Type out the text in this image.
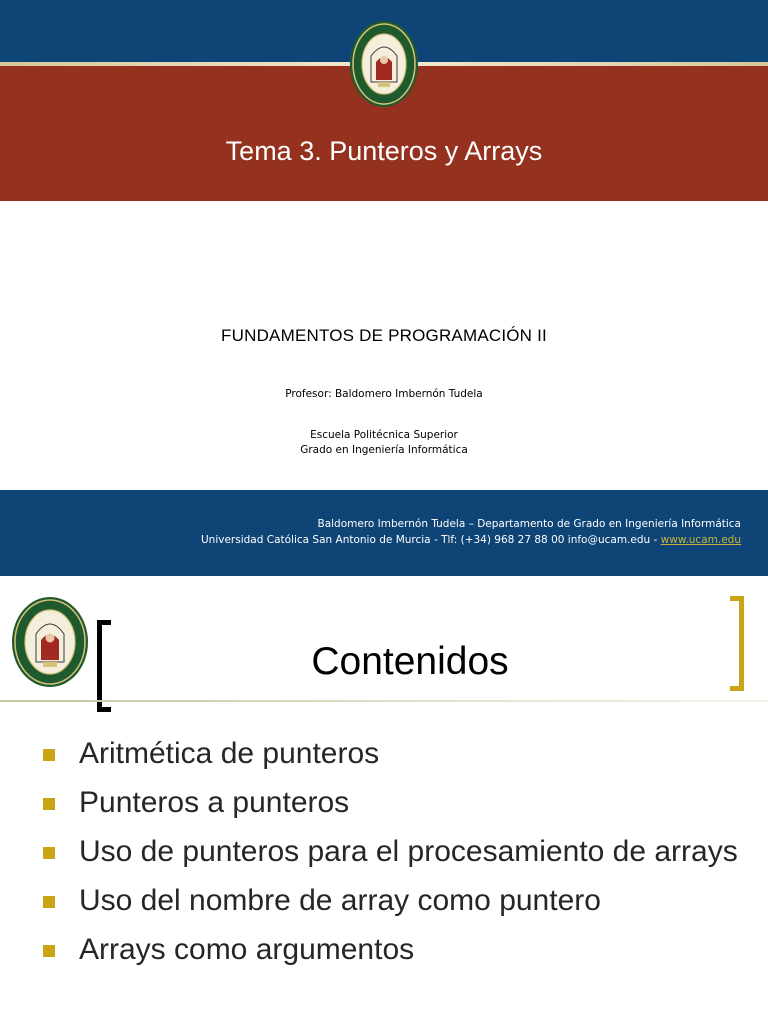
Tema 3. Punteros y Arrays
FUNDAMENTOS DE PROGRAMACIÓN II
Profesor: Baldomero Imbernón Tudela
Escuela Politécnica Superior
Grado en Ingeniería Informática
Baldomero Imbernón Tudela – Departamento de Grado en Ingeniería Informática
Universidad Católica San Antonio de Murcia - Tlf: (+34) 968 27 88 00 info@ucam.edu - www.ucam.edu
Contenidos
Aritmética de punteros
Punteros a punteros
Uso de punteros para el procesamiento de arrays
Uso del nombre de array como puntero
Arrays como argumentos
